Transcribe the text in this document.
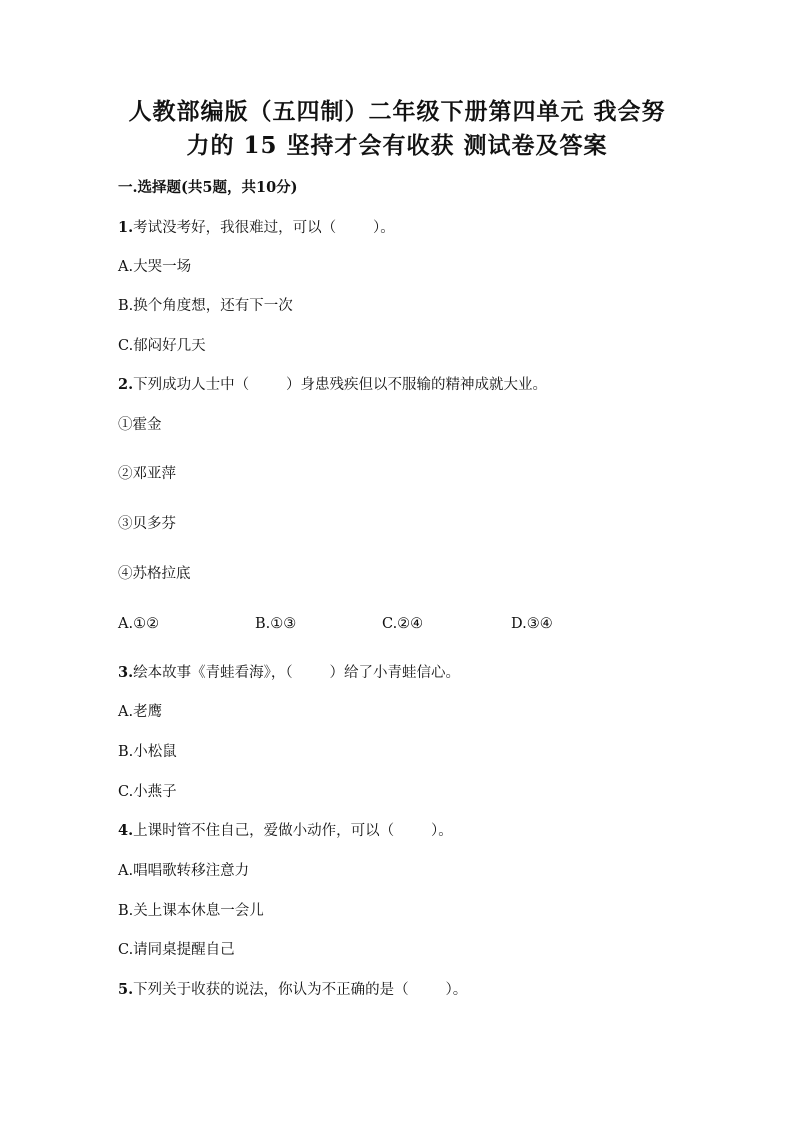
人教部编版（五四制）二年级下册第四单元 我会努
力的 15 坚持才会有收获 测试卷及答案
一.选择题(共5题，共10分)
1.考试没考好，我很难过，可以（        ）。
A.大哭一场
B.换个角度想，还有下一次
C.郁闷好几天
2.下列成功人士中（        ）身患残疾但以不服输的精神成就大业。
①霍金
②邓亚萍
③贝多芬
④苏格拉底
A.①②	B.①③	C.②④	D.③④
3.绘本故事《青蛙看海》，（        ）给了小青蛙信心。
A.老鹰
B.小松鼠
C.小燕子
4.上课时管不住自己，爱做小动作，可以（        ）。
A.唱唱歌转移注意力
B.关上课本休息一会儿
C.请同桌提醒自己
5.下列关于收获的说法，你认为不正确的是（        ）。
